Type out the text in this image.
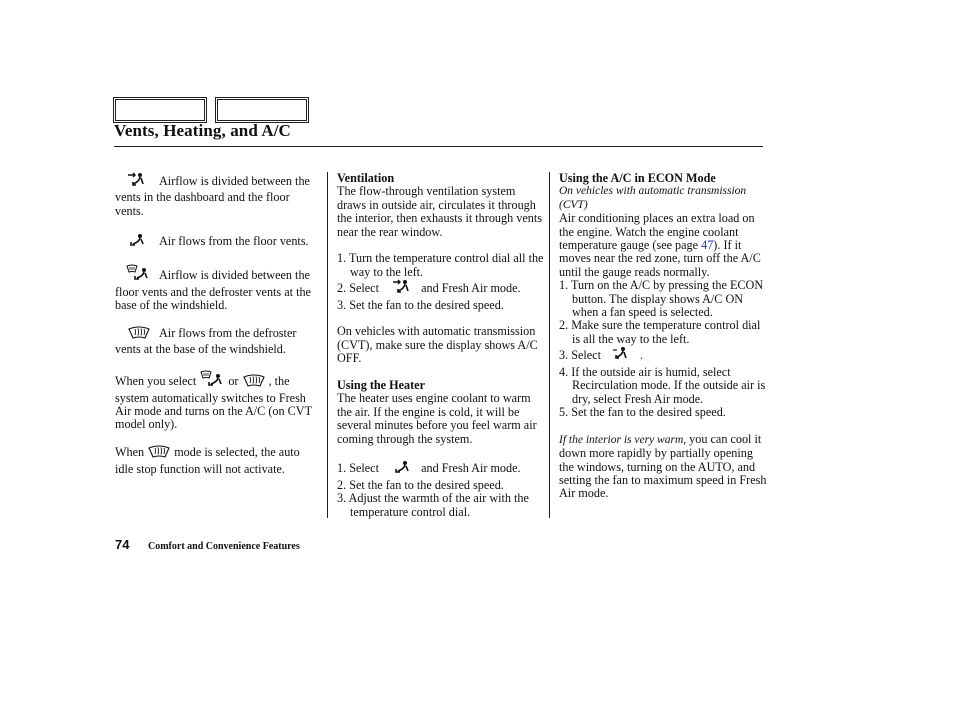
Vents, Heating, and A/C

Airflow is divided between the vents in the dashboard and the floor vents.

Air flows from the floor vents.

Airflow is divided between the floor vents and the defroster vents at the base of the windshield.

Air flows from the defroster vents at the base of the windshield.

When you select	or , the system automatically switches to Fresh Air mode and turns on the A/C (on CVT model only).

When mode is selected, the auto idle stop function will not activate.

Ventilation

The flow-through ventilation system draws in outside air, circulates it through the interior, then exhausts it through vents near the rear window.

1. Turn the temperature control dial all the way to the left.

2. Select	and Fresh Air mode.

3. Set the fan to the desired speed.

On vehicles with automatic transmission (CVT), make sure the display shows A/C OFF.

Using the Heater

The heater uses engine coolant to warm the air. If the engine is cold, it will be several minutes before you feel warm air coming through the system.

1. Select	and Fresh Air mode.

2. Set the fan to the desired speed.

3. Adjust the warmth of the air with the temperature control dial.

Using the A/C in ECON Mode

On vehicles with automatic transmission (CVT)

Air conditioning places an extra load on the engine. Watch the engine coolant temperature gauge (see page 47). If it moves near the red zone, turn off the A/C until the gauge reads normally.

1. Turn on the A/C by pressing the ECON button. The display shows A/C ON when a fan speed is selected.

2. Make sure the temperature control dial is all the way to the left.

3. Select	.

4. If the outside air is humid, select Recirculation mode. If the outside air is dry, select Fresh Air mode.

5. Set the fan to the desired speed.

If the interior is very warm, you can cool it down more rapidly by partially opening the windows, turning on the AUTO, and setting the fan to maximum speed in Fresh Air mode.

74 Comfort and Convenience Features
